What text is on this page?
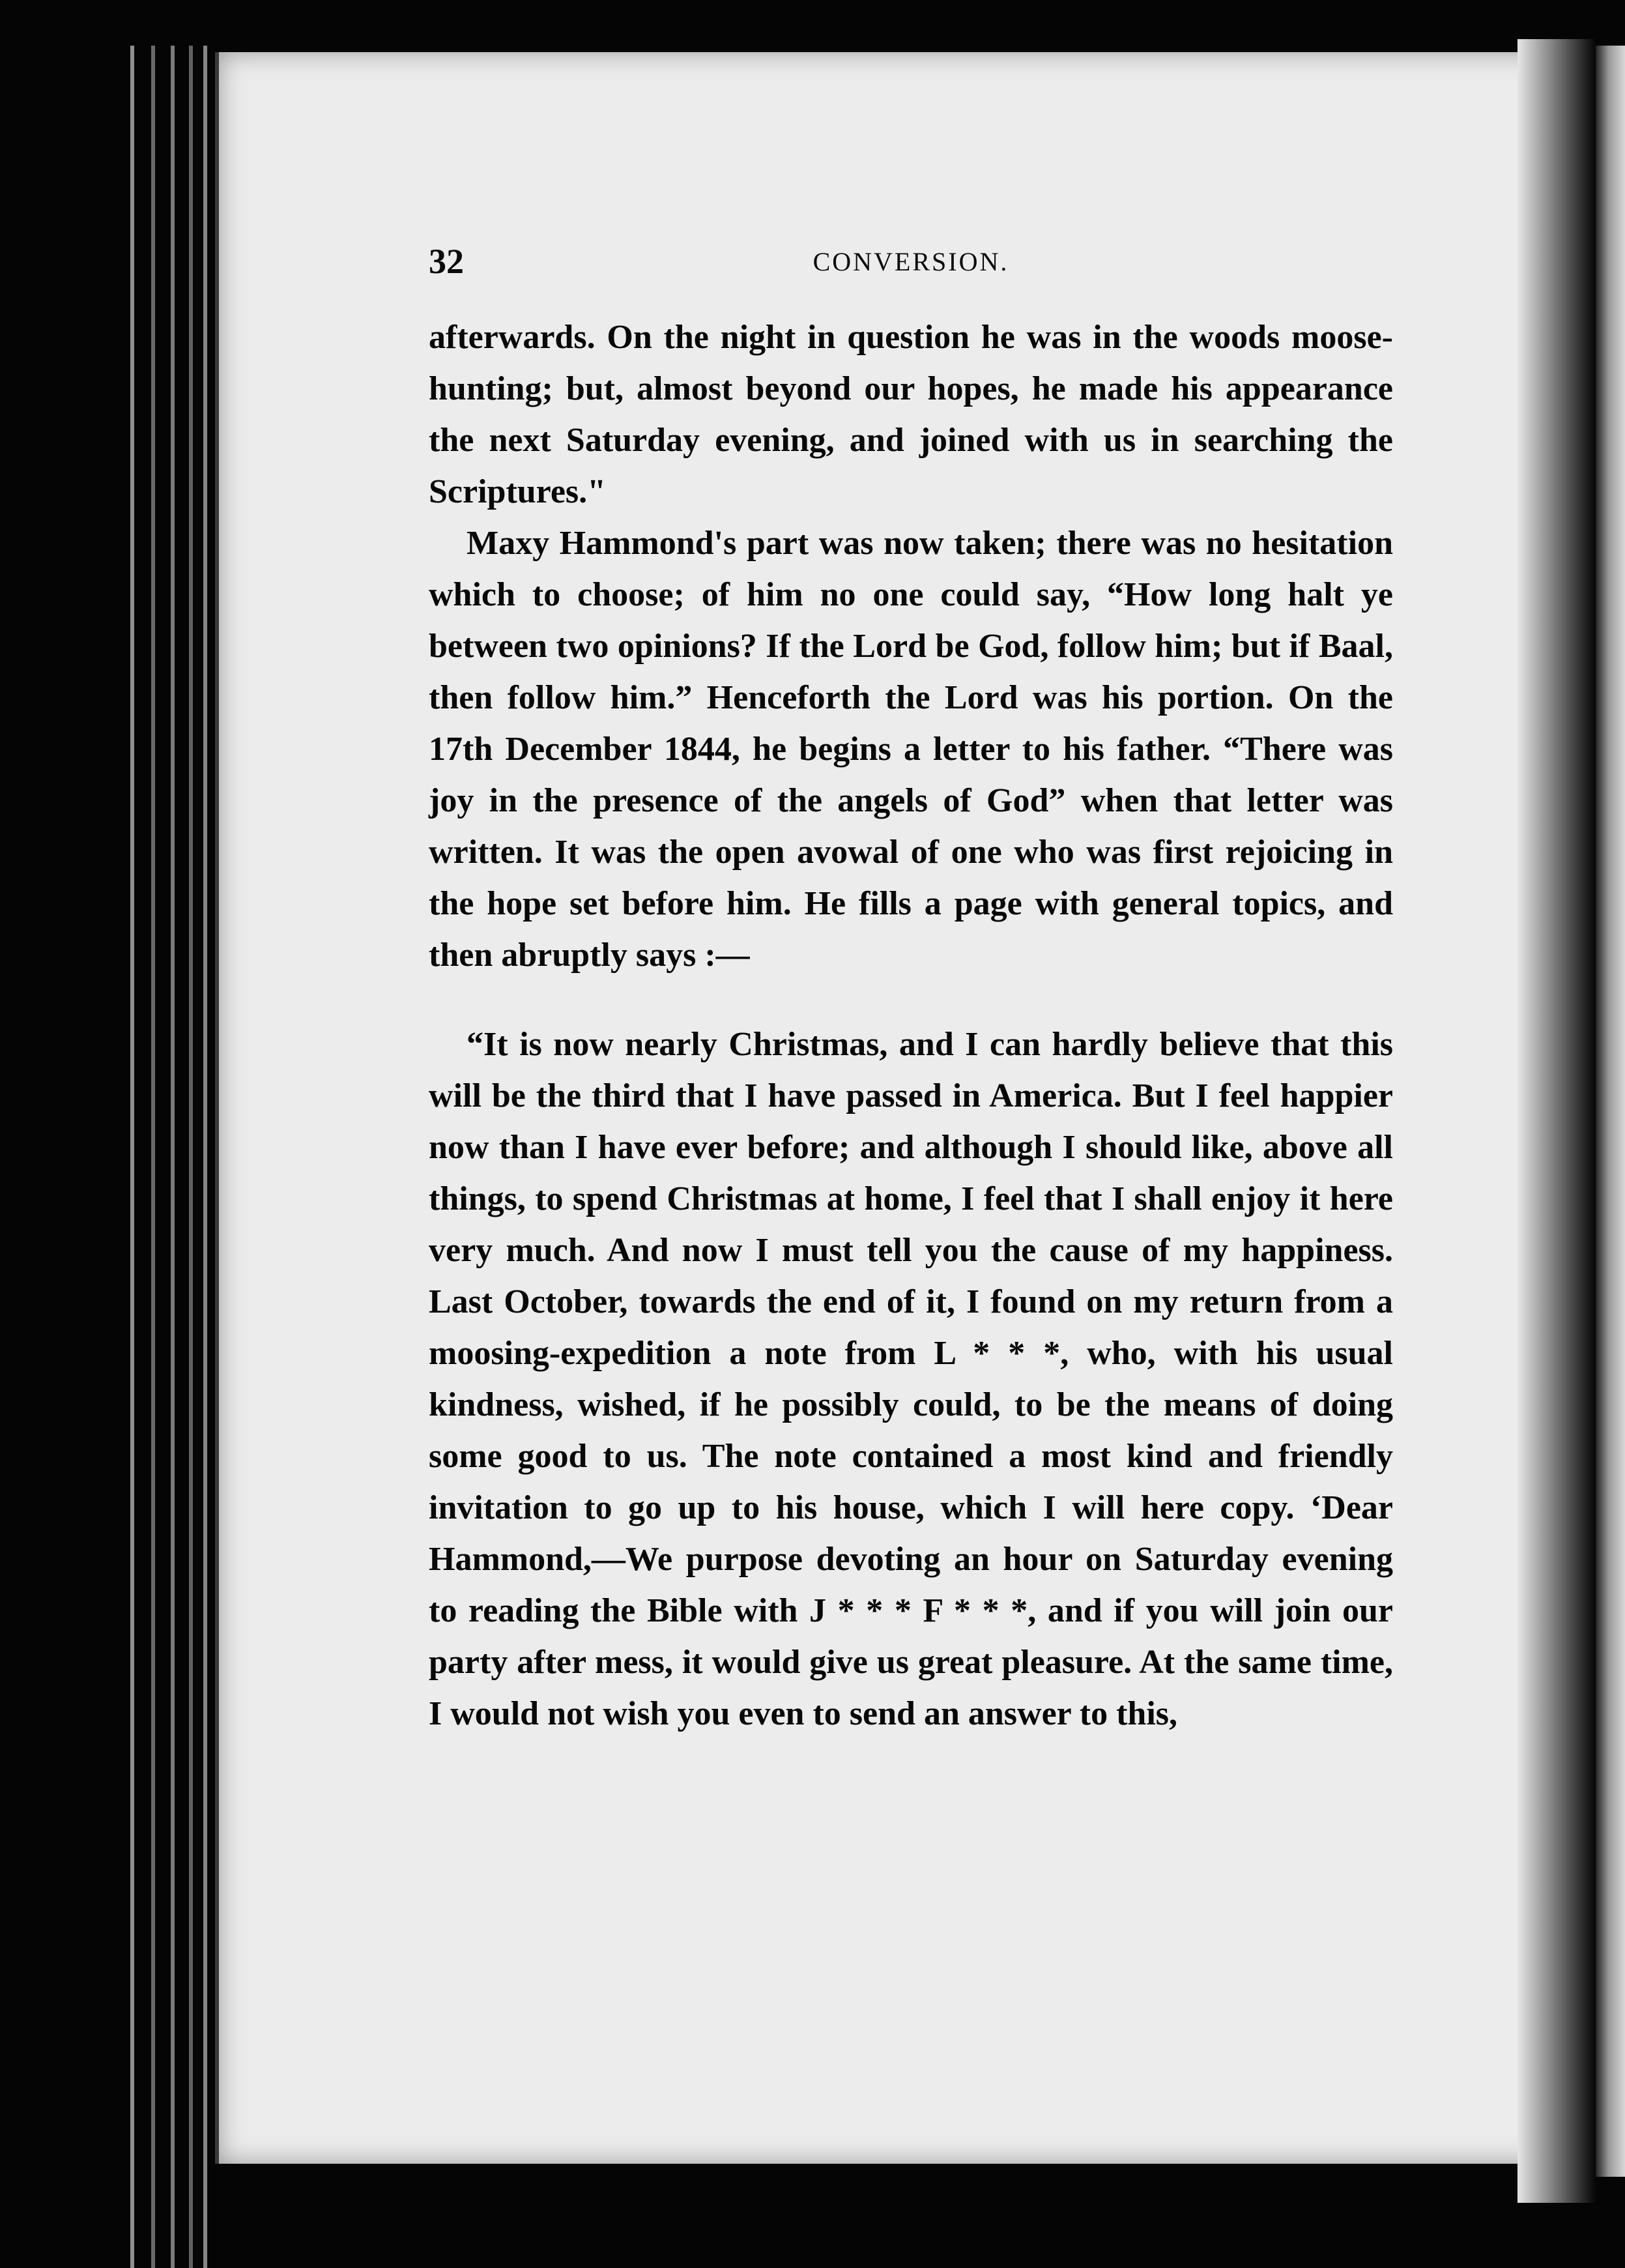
32	CONVERSION.

afterwards. On the night in question he was in the woods moose-hunting; but, almost beyond our hopes, he made his appearance the next Saturday evening, and joined with us in searching the Scriptures."

Maxy Hammond's part was now taken; there was no hesitation which to choose; of him no one could say, “How long halt ye between two opinions? If the Lord be God, follow him; but if Baal, then follow him.” Henceforth the Lord was his portion. On the 17th December 1844, he begins a letter to his father. “There was joy in the presence of the angels of God” when that letter was written. It was the open avowal of one who was first rejoicing in the hope set before him. He fills a page with general topics, and then abruptly says :—

“It is now nearly Christmas, and I can hardly believe that this will be the third that I have passed in America. But I feel happier now than I have ever before; and although I should like, above all things, to spend Christmas at home, I feel that I shall enjoy it here very much. And now I must tell you the cause of my happiness. Last October, towards the end of it, I found on my return from a moosing-expedition a note from L * * *, who, with his usual kindness, wished, if he possibly could, to be the means of doing some good to us. The note contained a most kind and friendly invitation to go up to his house, which I will here copy. ‘Dear Hammond,—We purpose devoting an hour on Saturday evening to reading the Bible with J * * * F * * *, and if you will join our party after mess, it would give us great pleasure. At the same time, I would not wish you even to send an answer to this,
